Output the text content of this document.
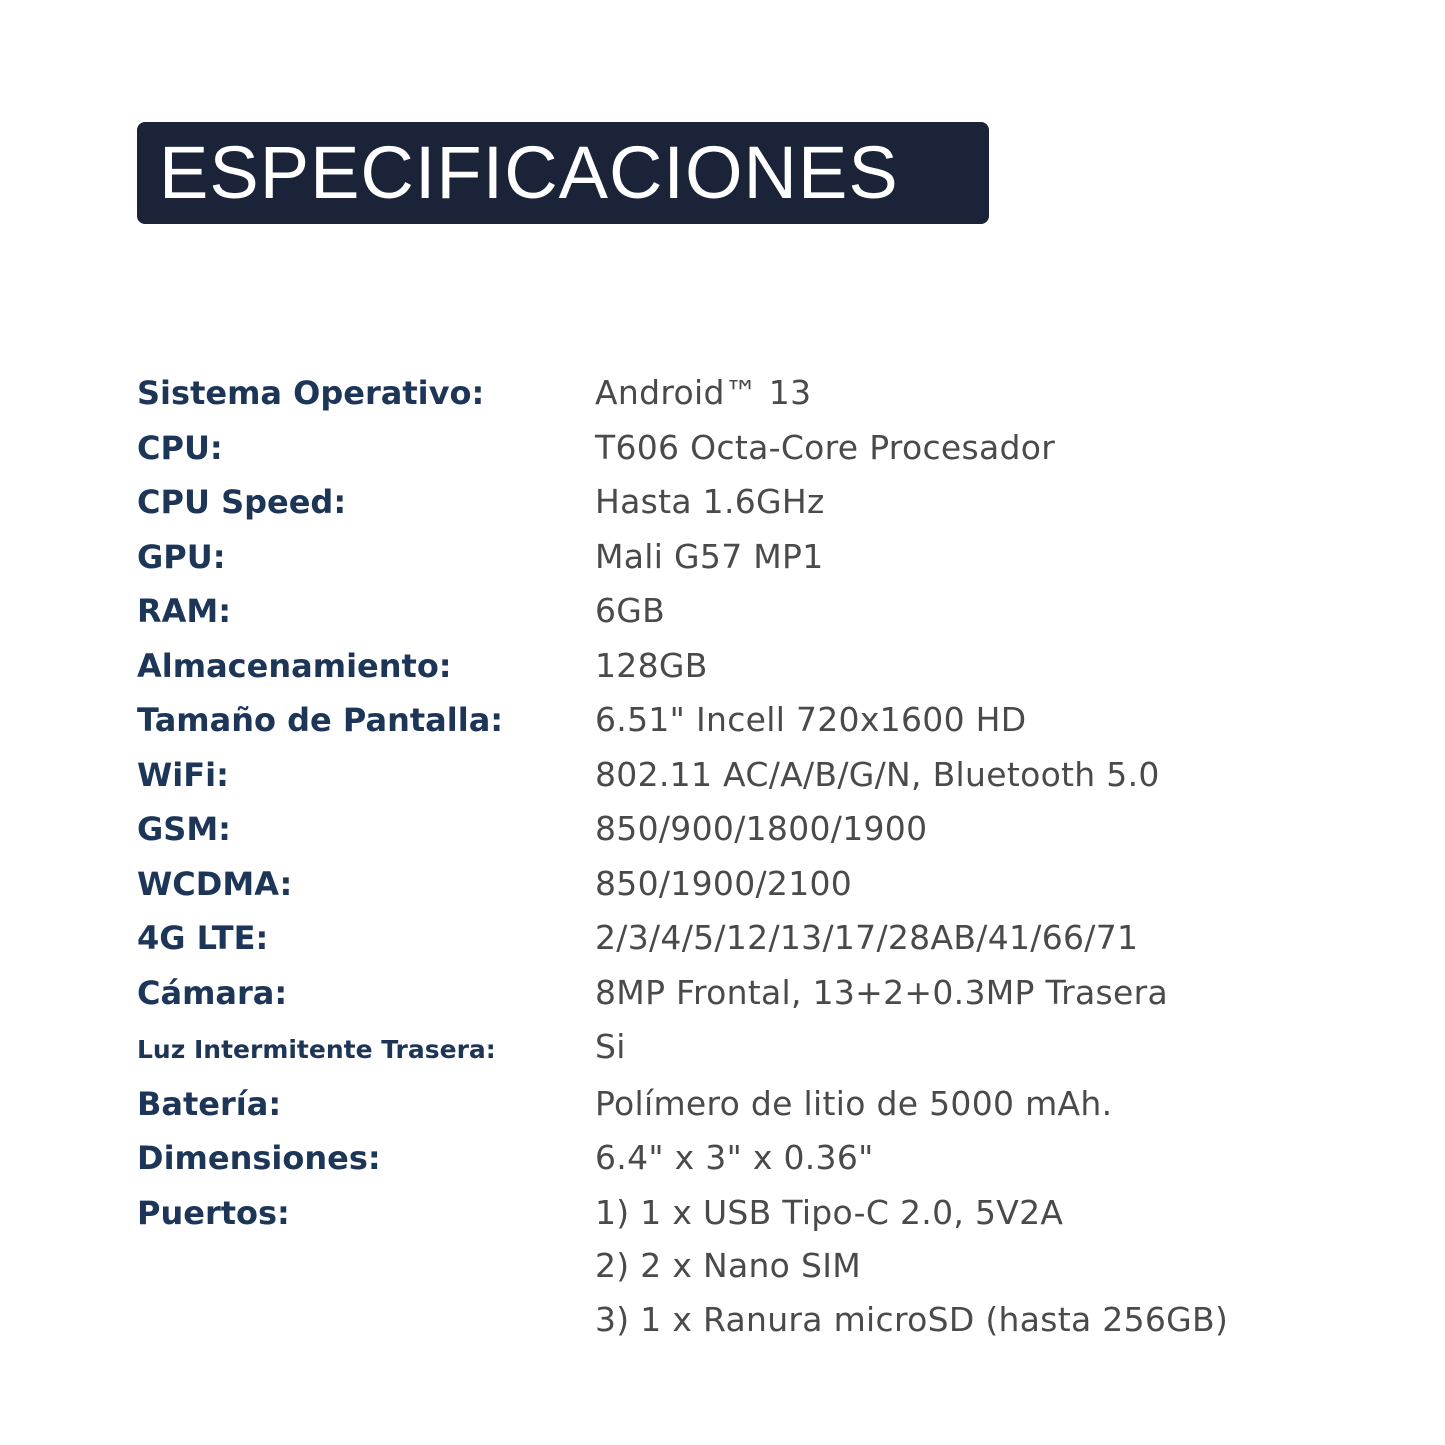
ESPECIFICACIONES
Sistema Operativo:	Android™ 13
CPU:	T606 Octa-Core Procesador
CPU Speed:	Hasta 1.6GHz
GPU:	Mali G57 MP1
RAM:	6GB
Almacenamiento:	128GB
Tamaño de Pantalla:	6.51" Incell 720x1600 HD
WiFi:	802.11 AC/A/B/G/N, Bluetooth 5.0
GSM:	850/900/1800/1900
WCDMA:	850/1900/2100
4G LTE:	2/3/4/5/12/13/17/28AB/41/66/71
Cámara:	8MP Frontal, 13+2+0.3MP Trasera
Luz Intermitente Trasera:	Si
Batería:	Polímero de litio de 5000 mAh.
Dimensiones:	6.4" x 3" x 0.36"
Puertos:	1) 1 x USB Tipo-C 2.0, 5V2A
2) 2 x Nano SIM
3) 1 x Ranura microSD (hasta 256GB)
